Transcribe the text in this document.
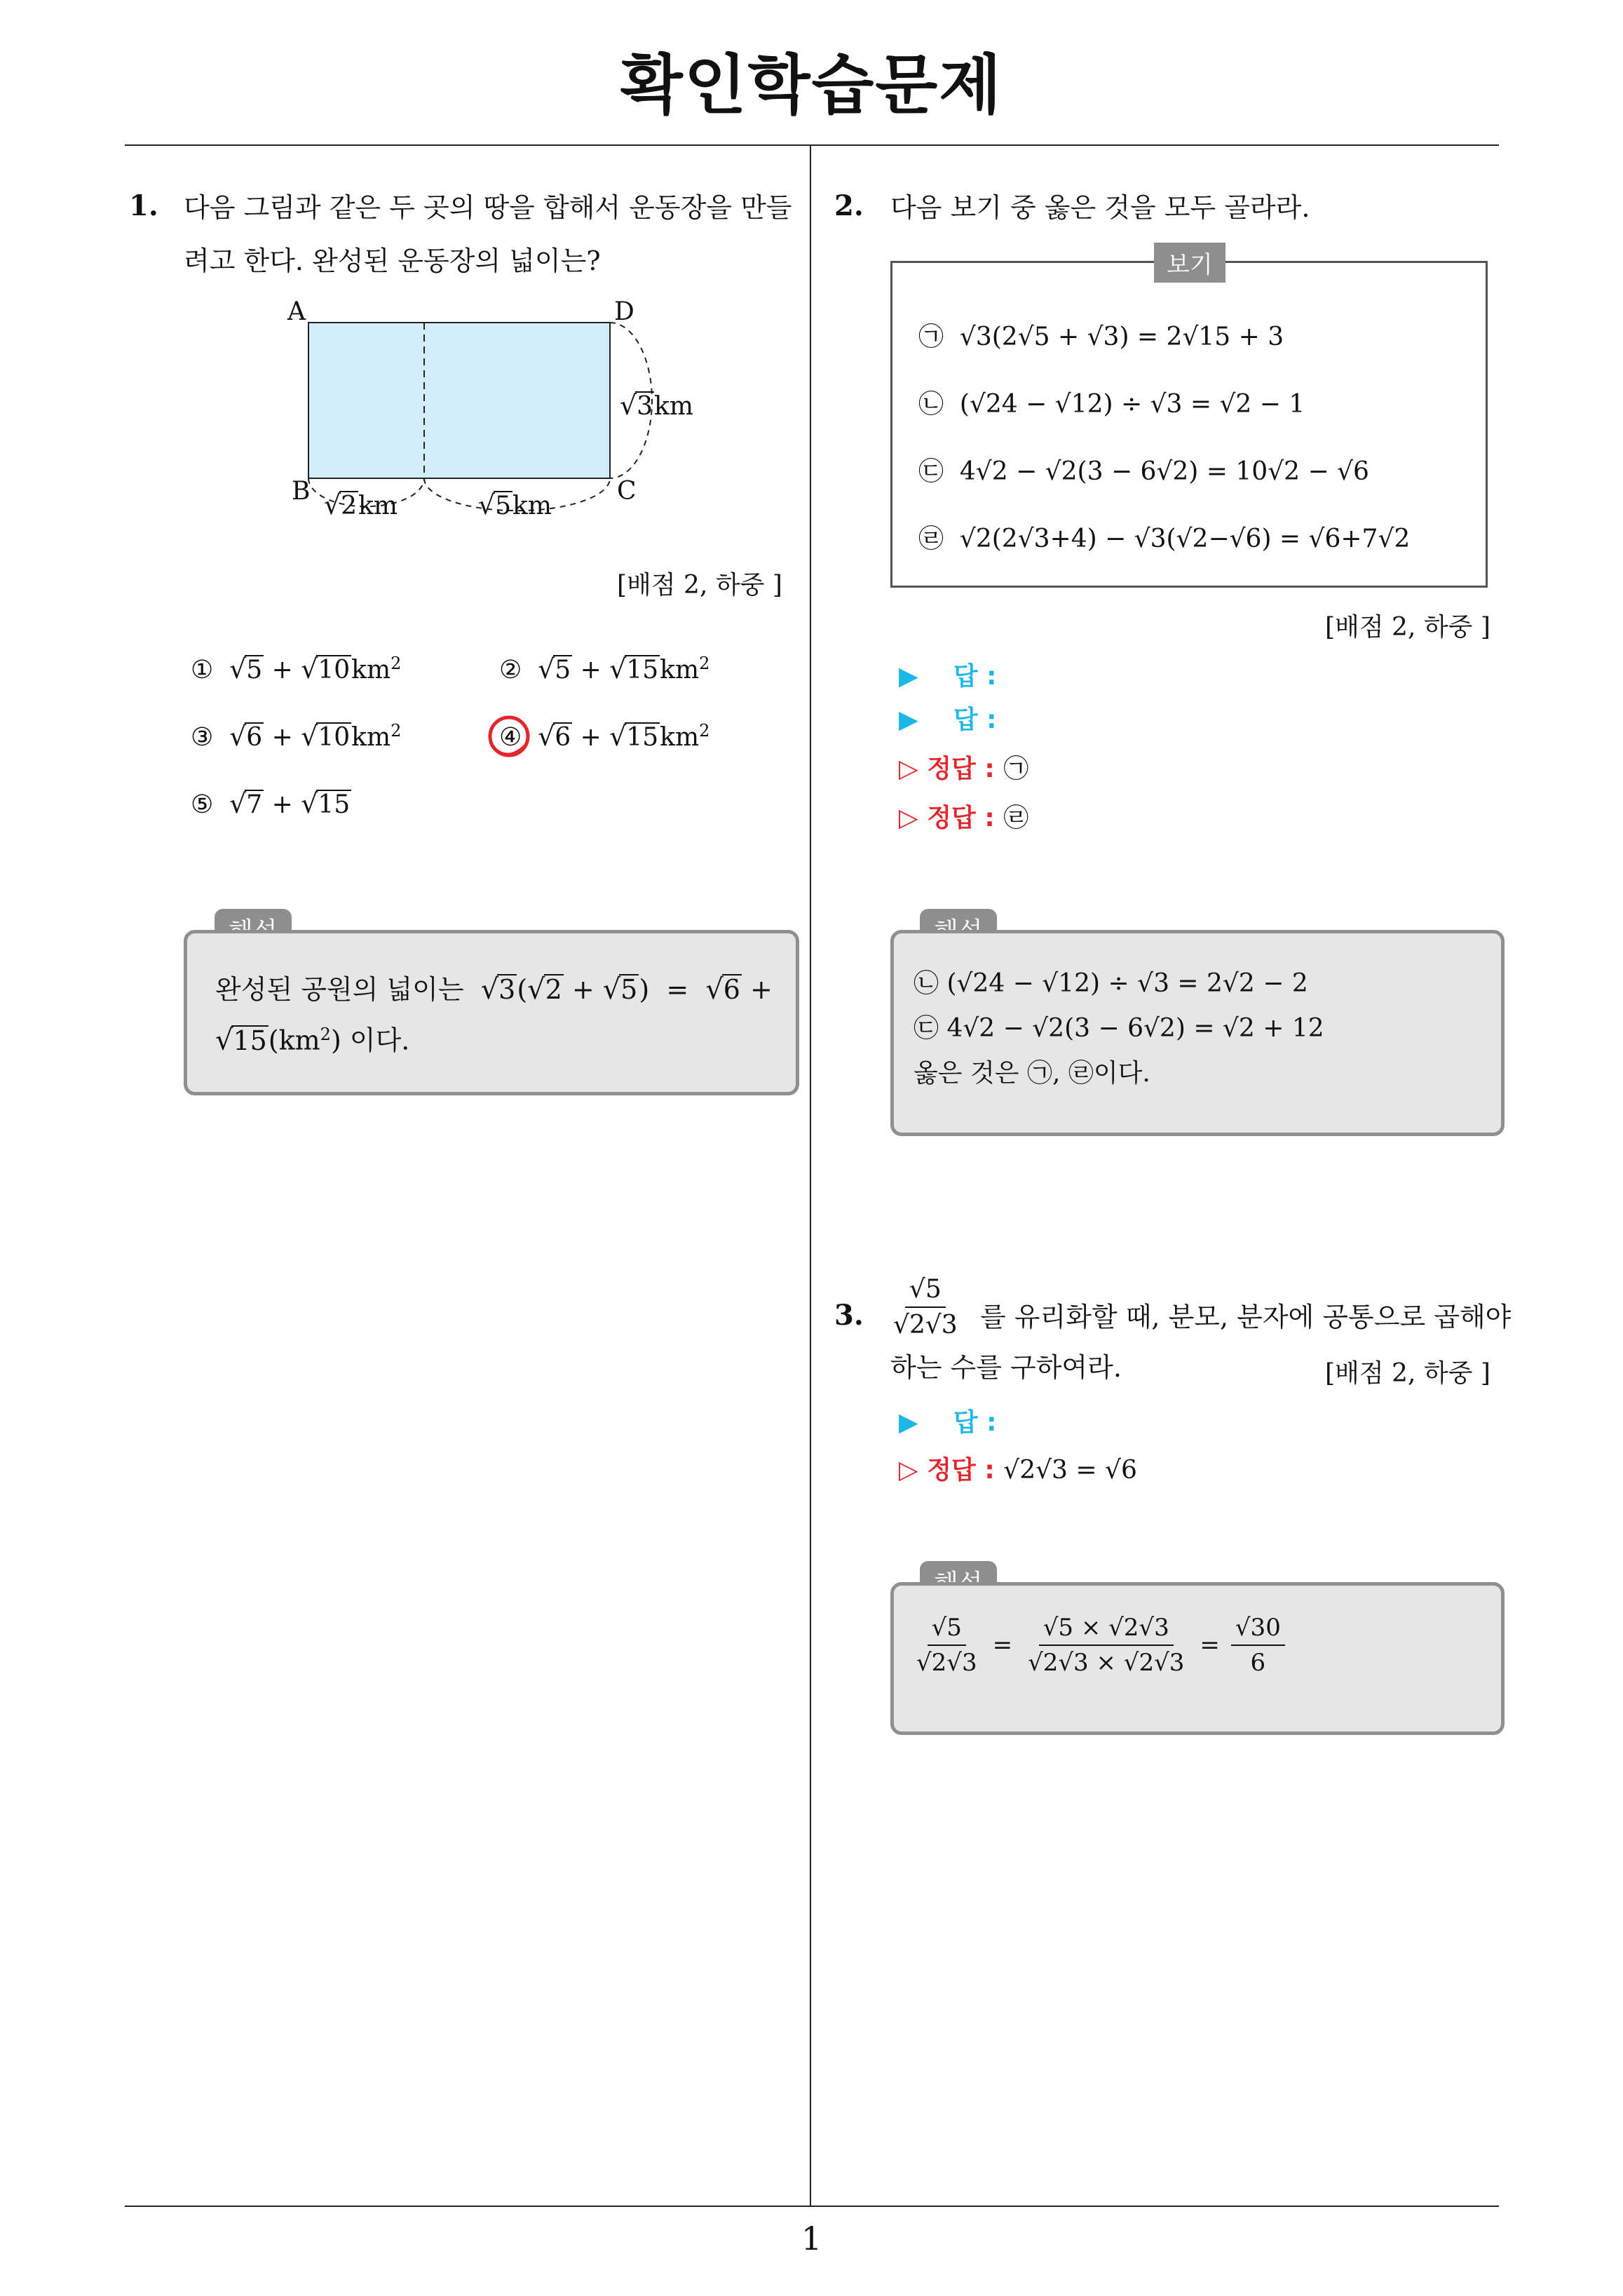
확인학습문제
1
1. 다음 그림과 같은 두 곳의 땅을 합해서 운동장을 만들
려고 한다. 완성된 운동장의 넓이는?
A	D
B	C
√3km
√2km	√5km
[배점 2, 하중 ]
① $√5 + √10km^2$	② $√5 + √15km^2$
③ $√6 + √10km^2$	④ $√6 + √15km^2$
⑤ √7 + √15
완성된 공원의 넓이는 √3(√2 + √5)  =  √6 +
$√15(km^2)$ 이다.
2. 다음 보기 중 옳은 것을 모두 골라라.
보기
㉠ √3(2√5 + √3) = 2√15 + 3
㉡ (√24 − √12) ÷ √3 = √2 − 1
㉢ 4√2 − √2(3 − 6√2) = 10√2 − √6
㉣ √2(2√3+4) − √3(√2−√6) = √6+7√2
[배점 2, 하중 ]
▶ 답 :
▶ 답 :
▷ 정답 : ㉠
▷ 정답 : ㉣
㉡ (√24 − √12) ÷ √3 = 2√2 − 2
㉢ 4√2 − √2(3 − 6√2) = √2 + 12
옳은 것은 ㉠, ㉣이다.
3. $\frac{√5}{√2√3}$ 를 유리화할 때, 분모, 분자에 공통으로 곱해야
하는 수를 구하여라.	[배점 2, 하중 ]
▶ 답 :
▷ 정답 : √2√3 = √6
$\frac{√5}{√2√3} = \frac{√5 \times √2√3}{√2√3 \times √2√3} = \frac{√30}{6}$
